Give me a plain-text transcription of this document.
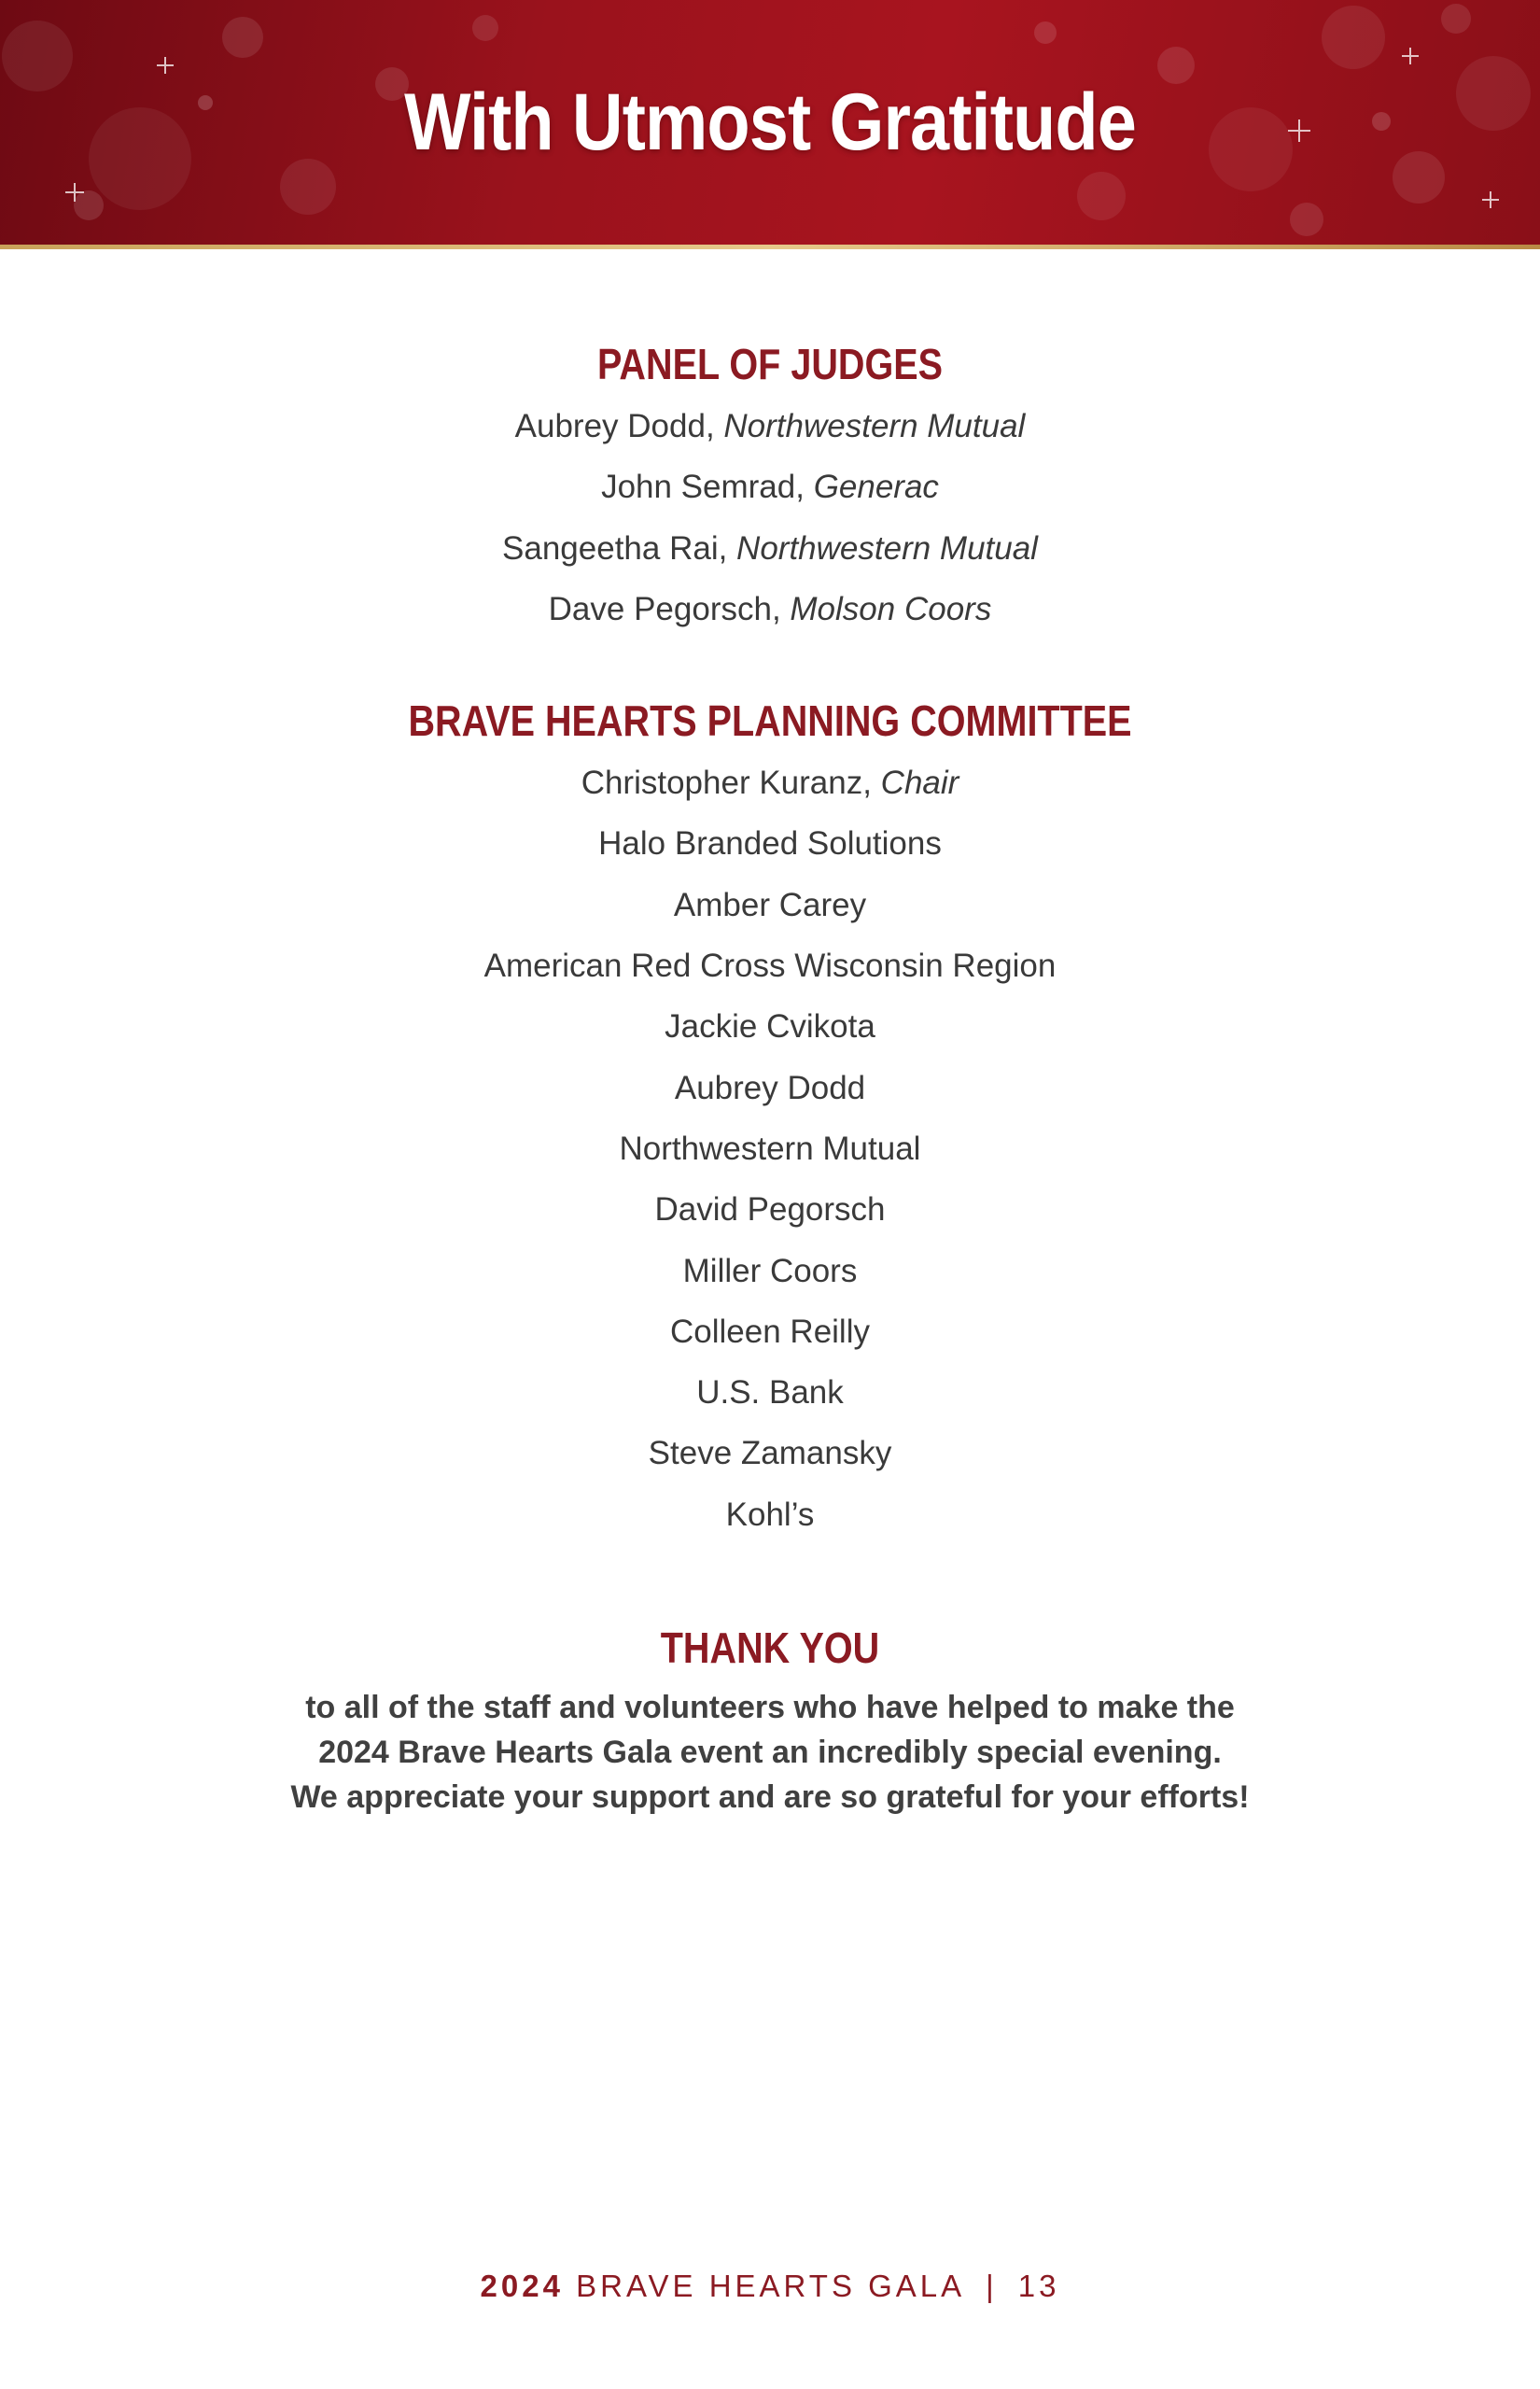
With Utmost Gratitude
PANEL OF JUDGES
Aubrey Dodd, Northwestern Mutual
John Semrad, Generac
Sangeetha Rai, Northwestern Mutual
Dave Pegorsch, Molson Coors
BRAVE HEARTS PLANNING COMMITTEE
Christopher Kuranz, Chair
Halo Branded Solutions
Amber Carey
American Red Cross Wisconsin Region
Jackie Cvikota
Aubrey Dodd
Northwestern Mutual
David Pegorsch
Miller Coors
Colleen Reilly
U.S. Bank
Steve Zamansky
Kohl’s
THANK YOU
to all of the staff and volunteers who have helped to make the
2024 Brave Hearts Gala event an incredibly special evening.
We appreciate your support and are so grateful for your efforts!
2024 BRAVE HEARTS GALA | 13
